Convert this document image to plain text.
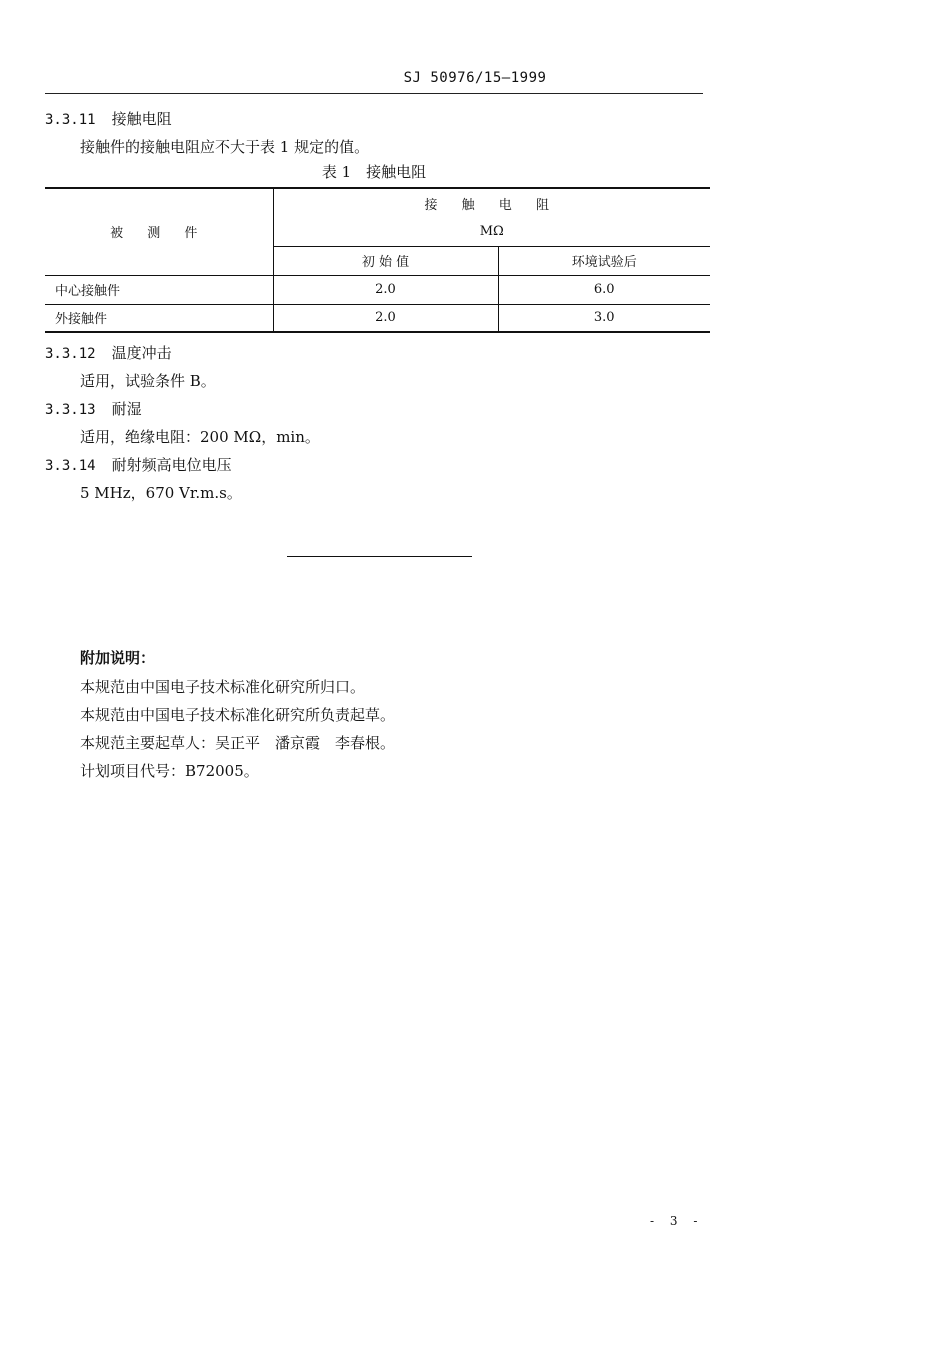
SJ 50976/15—1999
3.3.11 接触电阻
接触件的接触电阻应不大于表 1 规定的值。
表 1　接触电阻
被 测 件	接 触 电 阻	
	MΩ	
	初 始 值	环境试验后
中心接触件	2.0	6.0
外接触件	2.0	3.0
3.3.12 温度冲击
适用，试验条件 B。
3.3.13 耐湿
适用，绝缘电阻：200 MΩ，min。
3.3.14 耐射频高电位电压
5 MHz，670 Vr.m.s。
附加说明：
本规范由中国电子技术标准化研究所归口。
本规范由中国电子技术标准化研究所负责起草。
本规范主要起草人：吴正平　潘京霞　李春根。
计划项目代号：B72005。
- 3 -
